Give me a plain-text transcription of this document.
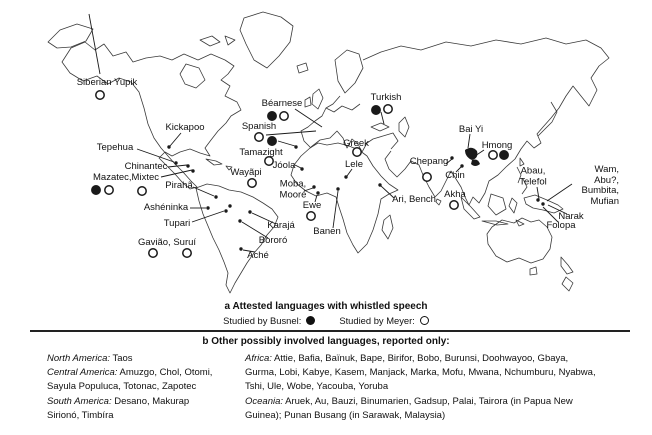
Siberian Yupik
Kickapoo
Tepehua
Chinantec
Mazatec,Mixtec
Pirahã
Ashéninka
Tupari
Gavião, Suruí
Wayãpi
Karajá
Bororó
Aché
Béarnese
Spanish
Tamazight
Jóola
Moba,
Mooré
Ewe
Banen
Lele
Greek
Turkish
Bai Yi
Hmong
Chepang
Chin
Akha
Ari, Bench
Abau,
Telefol
Wam,
Abu?,
Bumbita,
Mufian
Narak
Folopa
a Attested languages with whistled speech
Studied by Busnel:	Studied by Meyer:
b Other possibly involved languages, reported only:
North America: Taos
Central America: Amuzgo, Chol, Otomi,
Sayula Populuca, Totonac, Zapotec
South America: Desano, Makurap
Sirionó, Timbíra
Africa: Attie, Bafia, Baïnuk, Bape, Birifor, Bobo, Burunsi, Doohwayoo, Gbaya,
Gurma, Lobi, Kabye, Kasem, Manjack, Marka, Mofu, Mwana, Nchumburu, Nyabwa,
Tshi, Ule, Wobe, Yacouba, Yoruba
Oceania: Aruek, Au, Bauzi, Binumarien, Gadsup, Palai, Tairora (in Papua New
Guinea); Punan Busang (in Sarawak, Malaysia)
